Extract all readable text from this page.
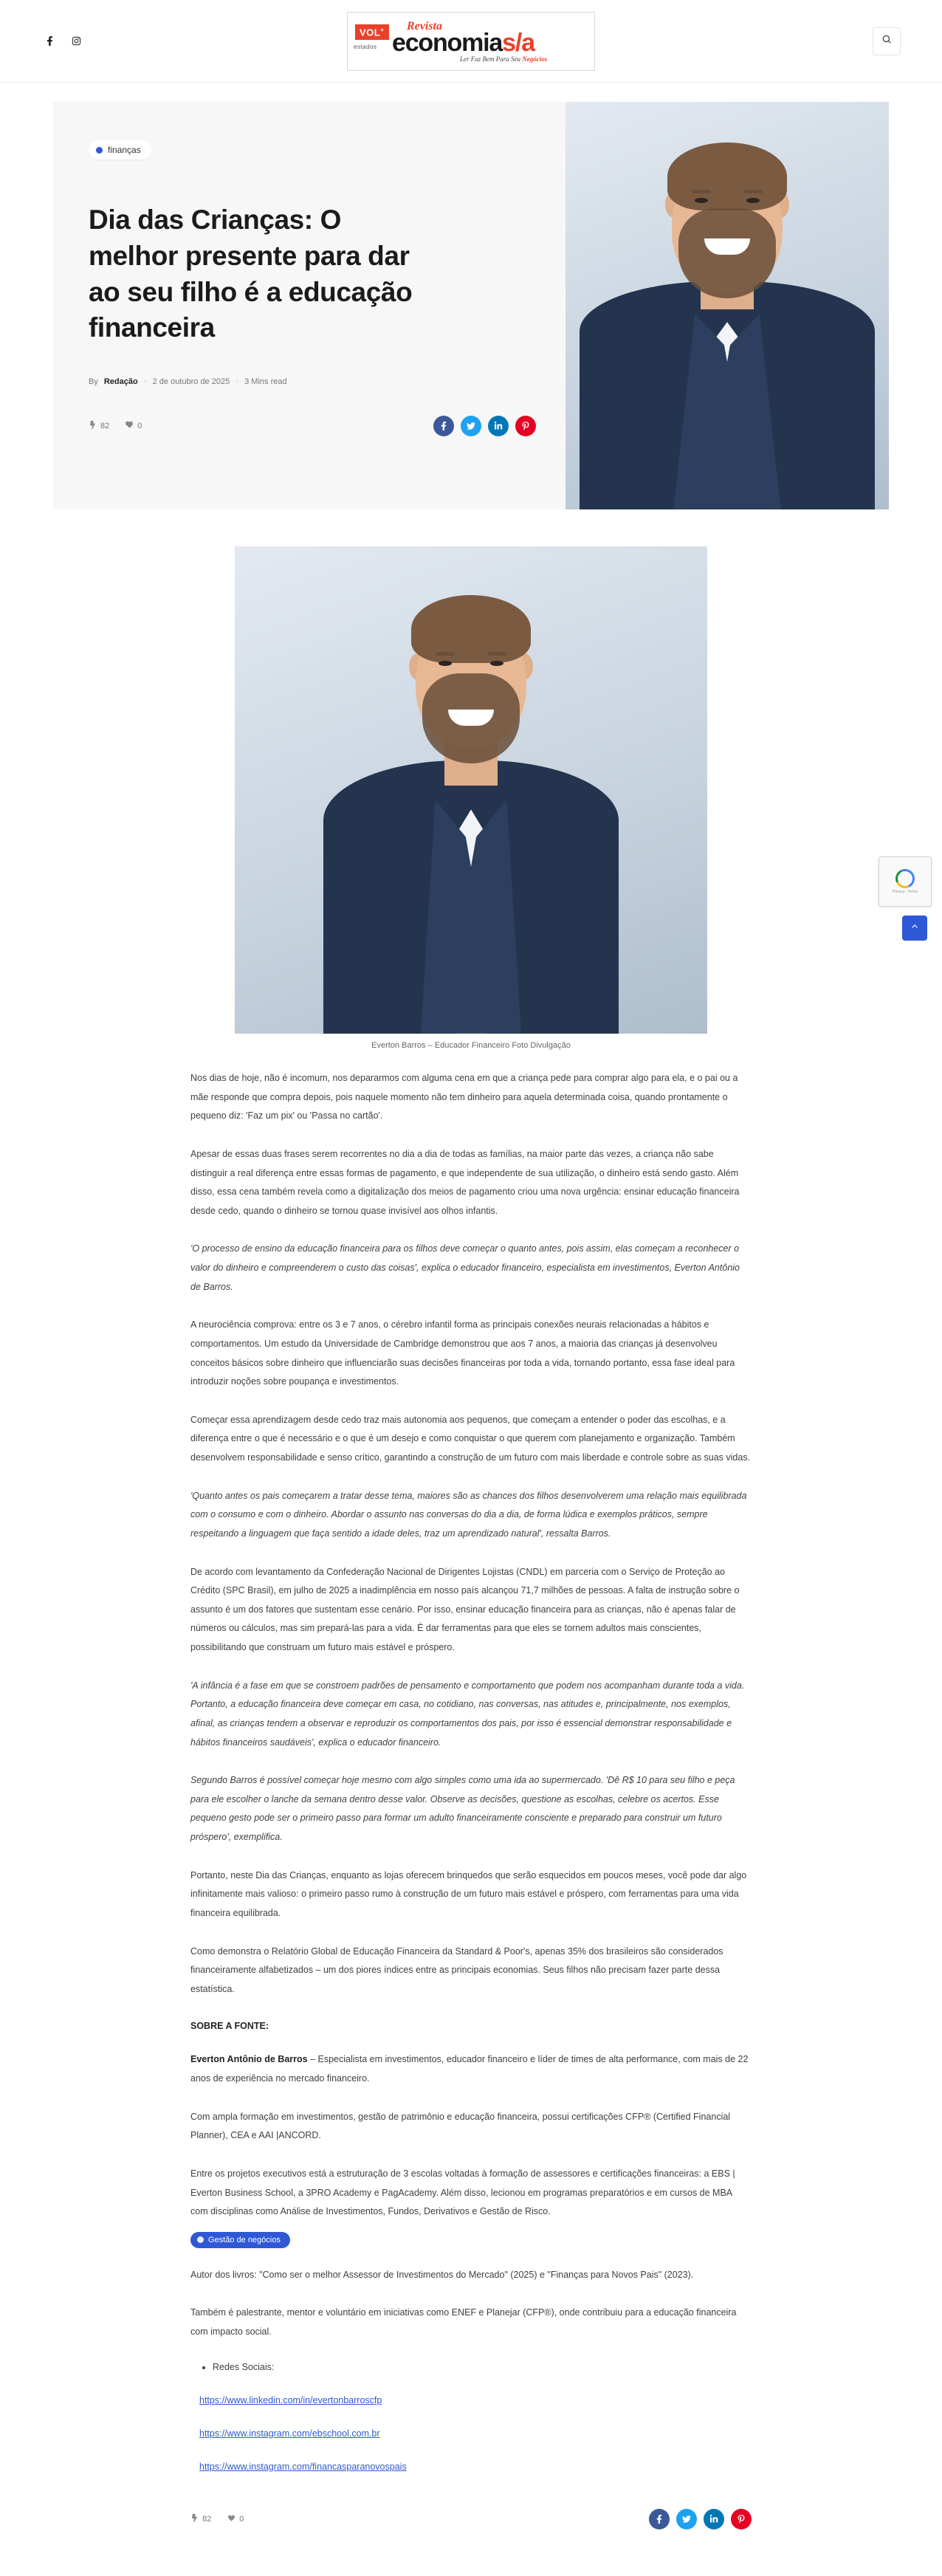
VOL+
estados
Revista
economias/a
Ler Faz Bem Para Seu Negócios
finanças
Dia das Crianças: O melhor presente para dar ao seu filho é a educação financeira
By Redação ◦ 2 de outubro de 2025 ◦ 3 Mins read
82	0
Everton Barros – Educador Financeiro Foto Divulgação

Nos dias de hoje, não é incomum, nos depararmos com alguma cena em que a criança pede para comprar algo para ela, e o pai ou a mãe responde que compra depois, pois naquele momento não tem dinheiro para aquela determinada coisa, quando prontamente o pequeno diz: 'Faz um pix' ou 'Passa no cartão'.

Apesar de essas duas frases serem recorrentes no dia a dia de todas as famílias, na maior parte das vezes, a criança não sabe distinguir a real diferença entre essas formas de pagamento, e que independente de sua utilização, o dinheiro está sendo gasto. Além disso, essa cena também revela como a digitalização dos meios de pagamento criou uma nova urgência: ensinar educação financeira desde cedo, quando o dinheiro se tornou quase invisível aos olhos infantis.

'O processo de ensino da educação financeira para os filhos deve começar o quanto antes, pois assim, elas começam a reconhecer o valor do dinheiro e compreenderem o custo das coisas', explica o educador financeiro, especialista em investimentos, Everton Antônio de Barros.

A neurociência comprova: entre os 3 e 7 anos, o cérebro infantil forma as principais conexões neurais relacionadas a hábitos e comportamentos. Um estudo da Universidade de Cambridge demonstrou que aos 7 anos, a maioria das crianças já desenvolveu conceitos básicos sobre dinheiro que influenciarão suas decisões financeiras por toda a vida, tornando portanto, essa fase ideal para introduzir noções sobre poupança e investimentos.

Começar essa aprendizagem desde cedo traz mais autonomia aos pequenos, que começam a entender o poder das escolhas, e a diferença entre o que é necessário e o que é um desejo e como conquistar o que querem com planejamento e organização. Também desenvolvem responsabilidade e senso crítico, garantindo a construção de um futuro com mais liberdade e controle sobre as suas vidas.

'Quanto antes os pais começarem a tratar desse tema, maiores são as chances dos filhos desenvolverem uma relação mais equilibrada com o consumo e com o dinheiro. Abordar o assunto nas conversas do dia a dia, de forma lúdica e exemplos práticos, sempre respeitando a linguagem que faça sentido a idade deles, traz um aprendizado natural', ressalta Barros.

De acordo com levantamento da Confederação Nacional de Dirigentes Lojistas (CNDL) em parceria com o Serviço de Proteção ao Crédito (SPC Brasil), em julho de 2025 a inadimplência em nosso país alcançou 71,7 milhões de pessoas. A falta de instrução sobre o assunto é um dos fatores que sustentam esse cenário. Por isso, ensinar educação financeira para as crianças, não é apenas falar de números ou cálculos, mas sim prepará-las para a vida. É dar ferramentas para que eles se tornem adultos mais conscientes, possibilitando que construam um futuro mais estável e próspero.

'A infância é a fase em que se constroem padrões de pensamento e comportamento que podem nos acompanham durante toda a vida. Portanto, a educação financeira deve começar em casa, no cotidiano, nas conversas, nas atitudes e, principalmente, nos exemplos, afinal, as crianças tendem a observar e reproduzir os comportamentos dos pais, por isso é essencial demonstrar responsabilidade e hábitos financeiros saudáveis', explica o educador financeiro.

Segundo Barros é possível começar hoje mesmo com algo simples como uma ida ao supermercado. 'Dê R$ 10 para seu filho e peça para ele escolher o lanche da semana dentro desse valor. Observe as decisões, questione as escolhas, celebre os acertos. Esse pequeno gesto pode ser o primeiro passo para formar um adulto financeiramente consciente e preparado para construir um futuro próspero', exemplifica.

Portanto, neste Dia das Crianças, enquanto as lojas oferecem brinquedos que serão esquecidos em poucos meses, você pode dar algo infinitamente mais valioso: o primeiro passo rumo à construção de um futuro mais estável e próspero, com ferramentas para uma vida financeira equilibrada.

Como demonstra o Relatório Global de Educação Financeira da Standard & Poor's, apenas 35% dos brasileiros são considerados financeiramente alfabetizados – um dos piores índices entre as principais economias. Seus filhos não precisam fazer parte dessa estatística.

SOBRE A FONTE:

Everton Antônio de Barros – Especialista em investimentos, educador financeiro e líder de times de alta performance, com mais de 22 anos de experiência no mercado financeiro.

Com ampla formação em investimentos, gestão de patrimônio e educação financeira, possui certificações CFP® (Certified Financial Planner), CEA e AAI |ANCORD.

Entre os projetos executivos está a estruturação de 3 escolas voltadas à formação de assessores e certificações financeiras: a EBS | Everton Business School, a 3PRO Academy e PagAcademy. Além disso, lecionou em programas preparatórios e em cursos de MBA com disciplinas como Análise de Investimentos, Fundos, Derivativos e Gestão de Risco.

Gestão de negócios

Autor dos livros: "Como ser o melhor Assessor de Investimentos do Mercado" (2025) e "Finanças para Novos Pais" (2023).

Também é palestrante, mentor e voluntário em iniciativas como ENEF e Planejar (CFP®), onde contribuiu para a educação financeira com impacto social.

• Redes Sociais:
https://www.linkedin.com/in/evertonbarroscfp
https://www.instagram.com/ebschool.com.br
https://www.instagram.com/financasparanovospais
82	0
Privacy - Terms
